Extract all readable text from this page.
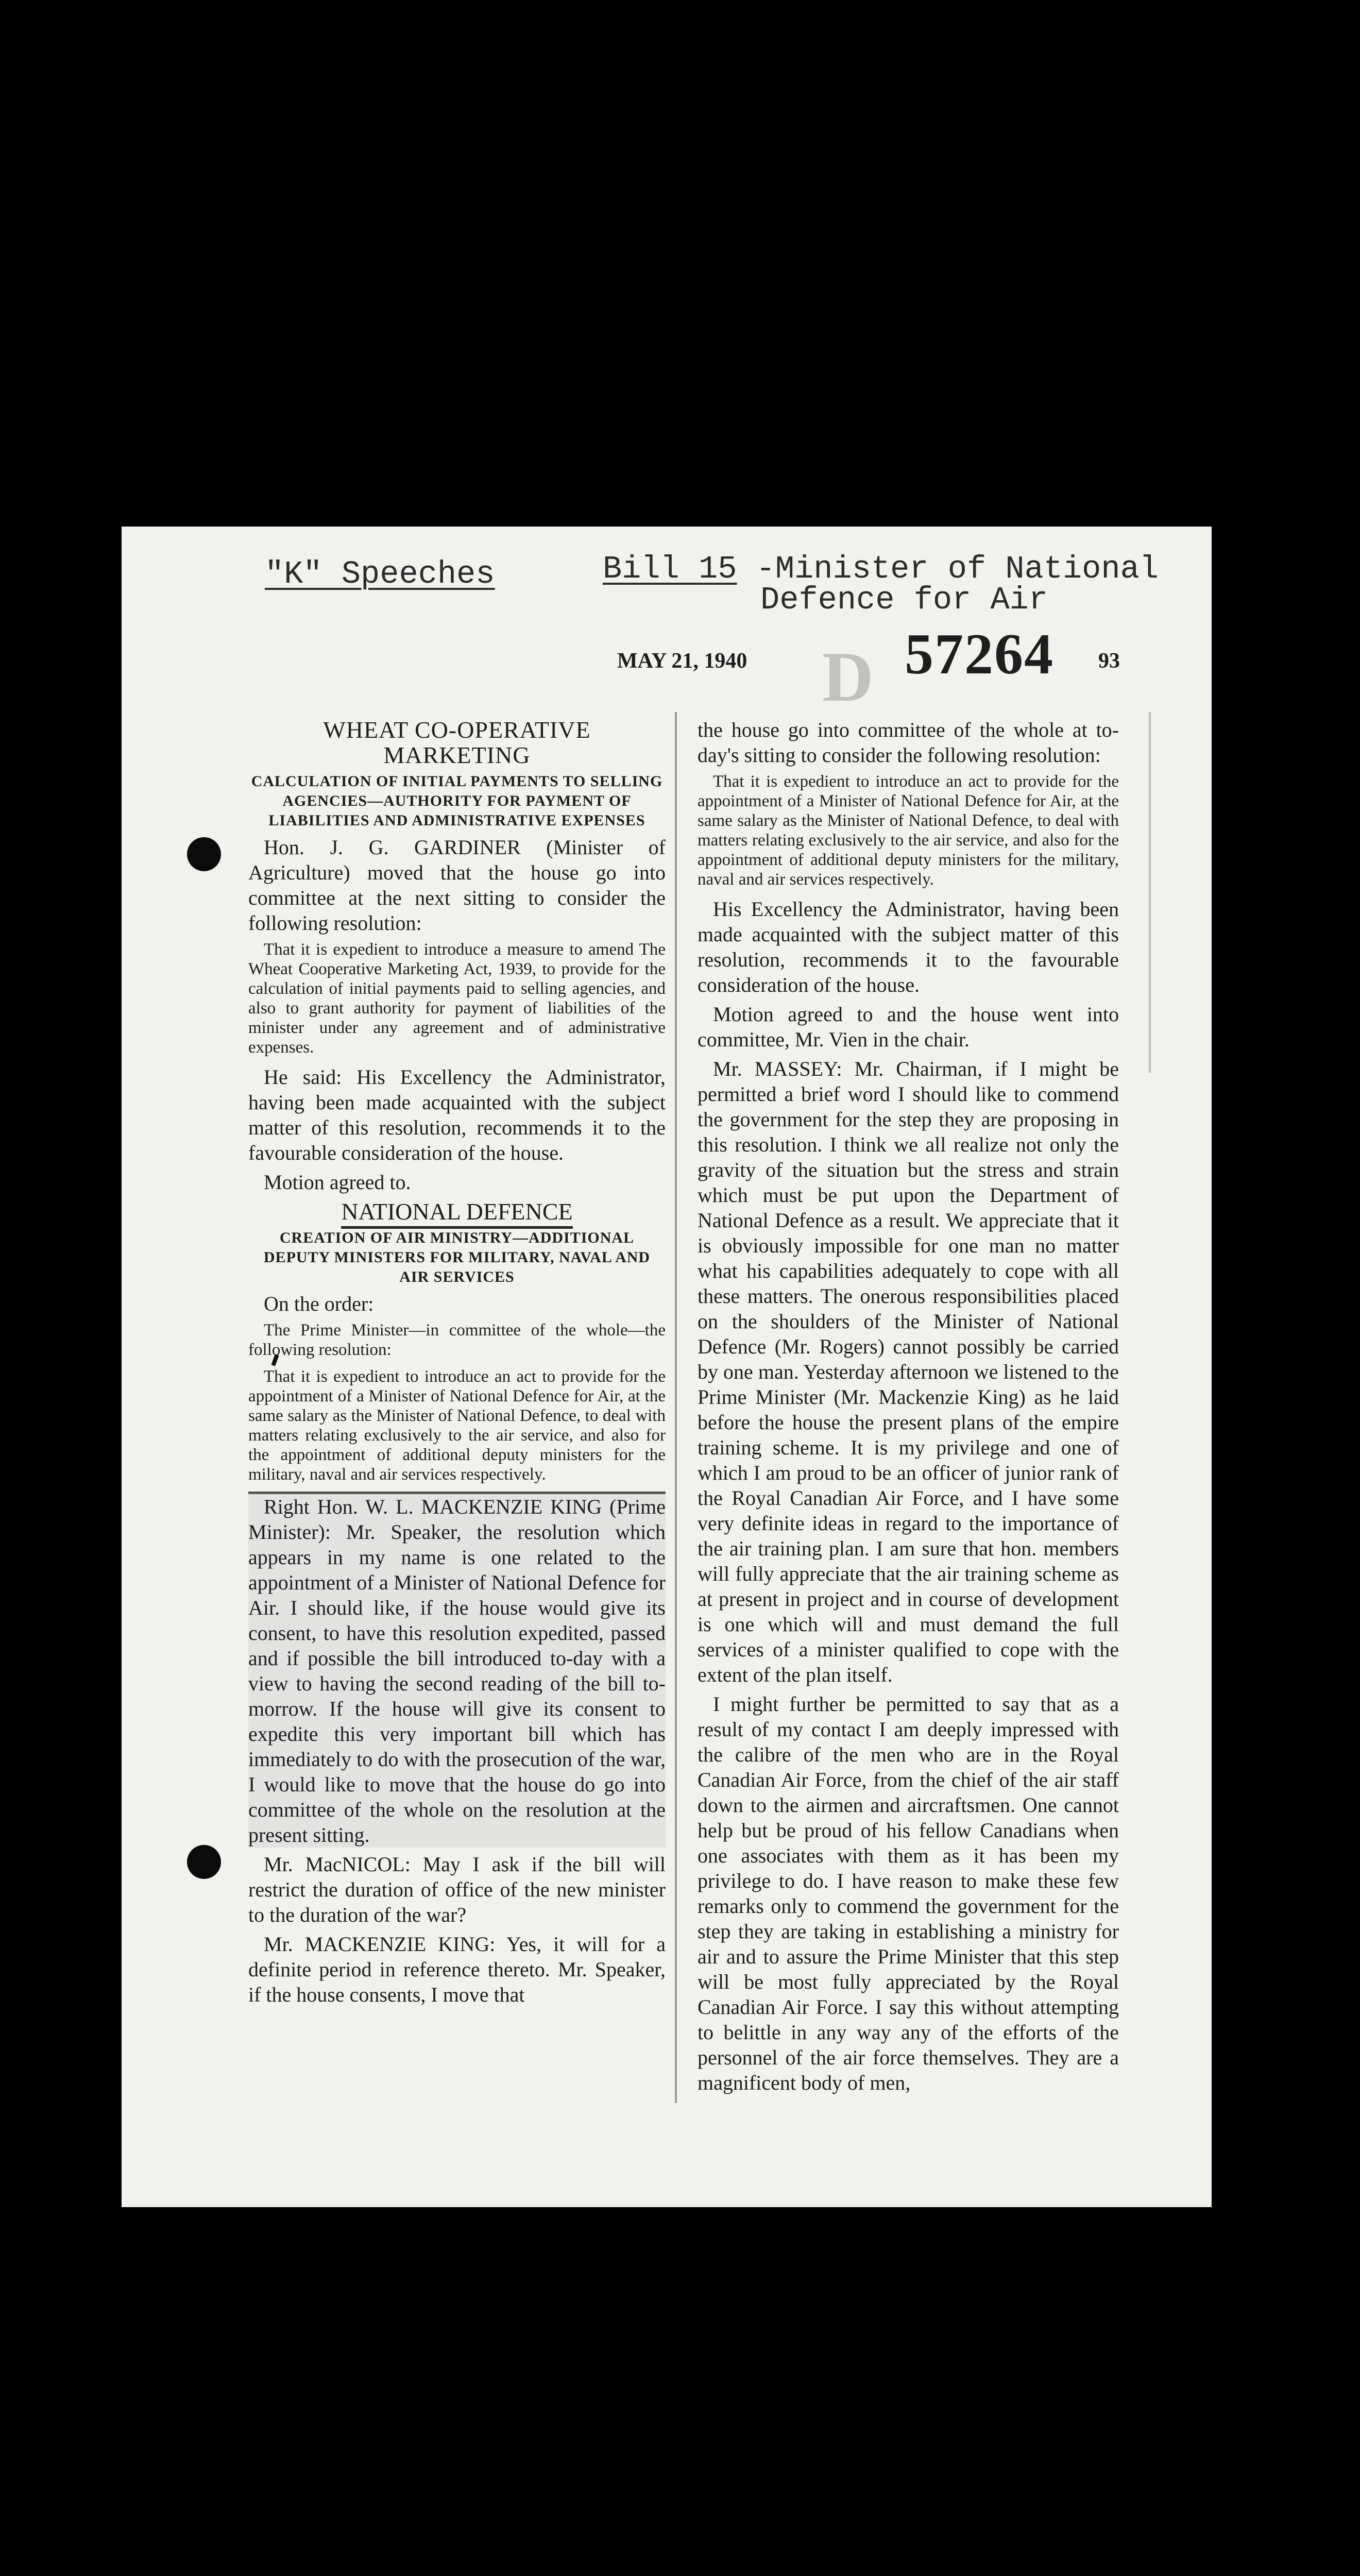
"K" Speeches	Bill 15 -Minister of National
Defence for Air
MAY 21, 1940 D 57264 93

WHEAT CO-OPERATIVE MARKETING

CALCULATION OF INITIAL PAYMENTS TO SELLING AGENCIES—AUTHORITY FOR PAYMENT OF LIABILITIES AND ADMINISTRATIVE EXPENSES

Hon. J. G. GARDINER (Minister of Agriculture) moved that the house go into committee at the next sitting to consider the following resolution:

That it is expedient to introduce a measure to amend The Wheat Cooperative Marketing Act, 1939, to provide for the calculation of initial payments paid to selling agencies, and also to grant authority for payment of liabilities of the minister under any agreement and of administrative expenses.

He said: His Excellency the Administrator, having been made acquainted with the subject matter of this resolution, recommends it to the favourable consideration of the house.

Motion agreed to.

NATIONAL DEFENCE

CREATION OF AIR MINISTRY—ADDITIONAL DEPUTY MINISTERS FOR MILITARY, NAVAL AND AIR SERVICES

On the order:

The Prime Minister—in committee of the whole—the following resolution:

That it is expedient to introduce an act to provide for the appointment of a Minister of National Defence for Air, at the same salary as the Minister of National Defence, to deal with matters relating exclusively to the air service, and also for the appointment of additional deputy ministers for the military, naval and air services respectively.

Right Hon. W. L. MACKENZIE KING (Prime Minister): Mr. Speaker, the resolution which appears in my name is one related to the appointment of a Minister of National Defence for Air. I should like, if the house would give its consent, to have this resolution expedited, passed and if possible the bill introduced to-day with a view to having the second reading of the bill to-morrow. If the house will give its consent to expedite this very important bill which has immediately to do with the prosecution of the war, I would like to move that the house do go into committee of the whole on the resolution at the present sitting.

Mr. MacNICOL: May I ask if the bill will restrict the duration of office of the new minister to the duration of the war?

Mr. MACKENZIE KING: Yes, it will for a definite period in reference thereto. Mr. Speaker, if the house consents, I move that

the house go into committee of the whole at to-day's sitting to consider the following resolution:

That it is expedient to introduce an act to provide for the appointment of a Minister of National Defence for Air, at the same salary as the Minister of National Defence, to deal with matters relating exclusively to the air service, and also for the appointment of additional deputy ministers for the military, naval and air services respectively.

His Excellency the Administrator, having been made acquainted with the subject matter of this resolution, recommends it to the favourable consideration of the house.

Motion agreed to and the house went into committee, Mr. Vien in the chair.

Mr. MASSEY: Mr. Chairman, if I might be permitted a brief word I should like to commend the government for the step they are proposing in this resolution. I think we all realize not only the gravity of the situation but the stress and strain which must be put upon the Department of National Defence as a result. We appreciate that it is obviously impossible for one man no matter what his capabilities adequately to cope with all these matters. The onerous responsibilities placed on the shoulders of the Minister of National Defence (Mr. Rogers) cannot possibly be carried by one man. Yesterday afternoon we listened to the Prime Minister (Mr. Mackenzie King) as he laid before the house the present plans of the empire training scheme. It is my privilege and one of which I am proud to be an officer of junior rank of the Royal Canadian Air Force, and I have some very definite ideas in regard to the importance of the air training plan. I am sure that hon. members will fully appreciate that the air training scheme as at present in project and in course of development is one which will and must demand the full services of a minister qualified to cope with the extent of the plan itself.

I might further be permitted to say that as a result of my contact I am deeply impressed with the calibre of the men who are in the Royal Canadian Air Force, from the chief of the air staff down to the airmen and aircraftsmen. One cannot help but be proud of his fellow Canadians when one associates with them as it has been my privilege to do. I have reason to make these few remarks only to commend the government for the step they are taking in establishing a ministry for air and to assure the Prime Minister that this step will be most fully appreciated by the Royal Canadian Air Force. I say this without attempting to belittle in any way any of the efforts of the personnel of the air force themselves. They are a magnificent body of men,
